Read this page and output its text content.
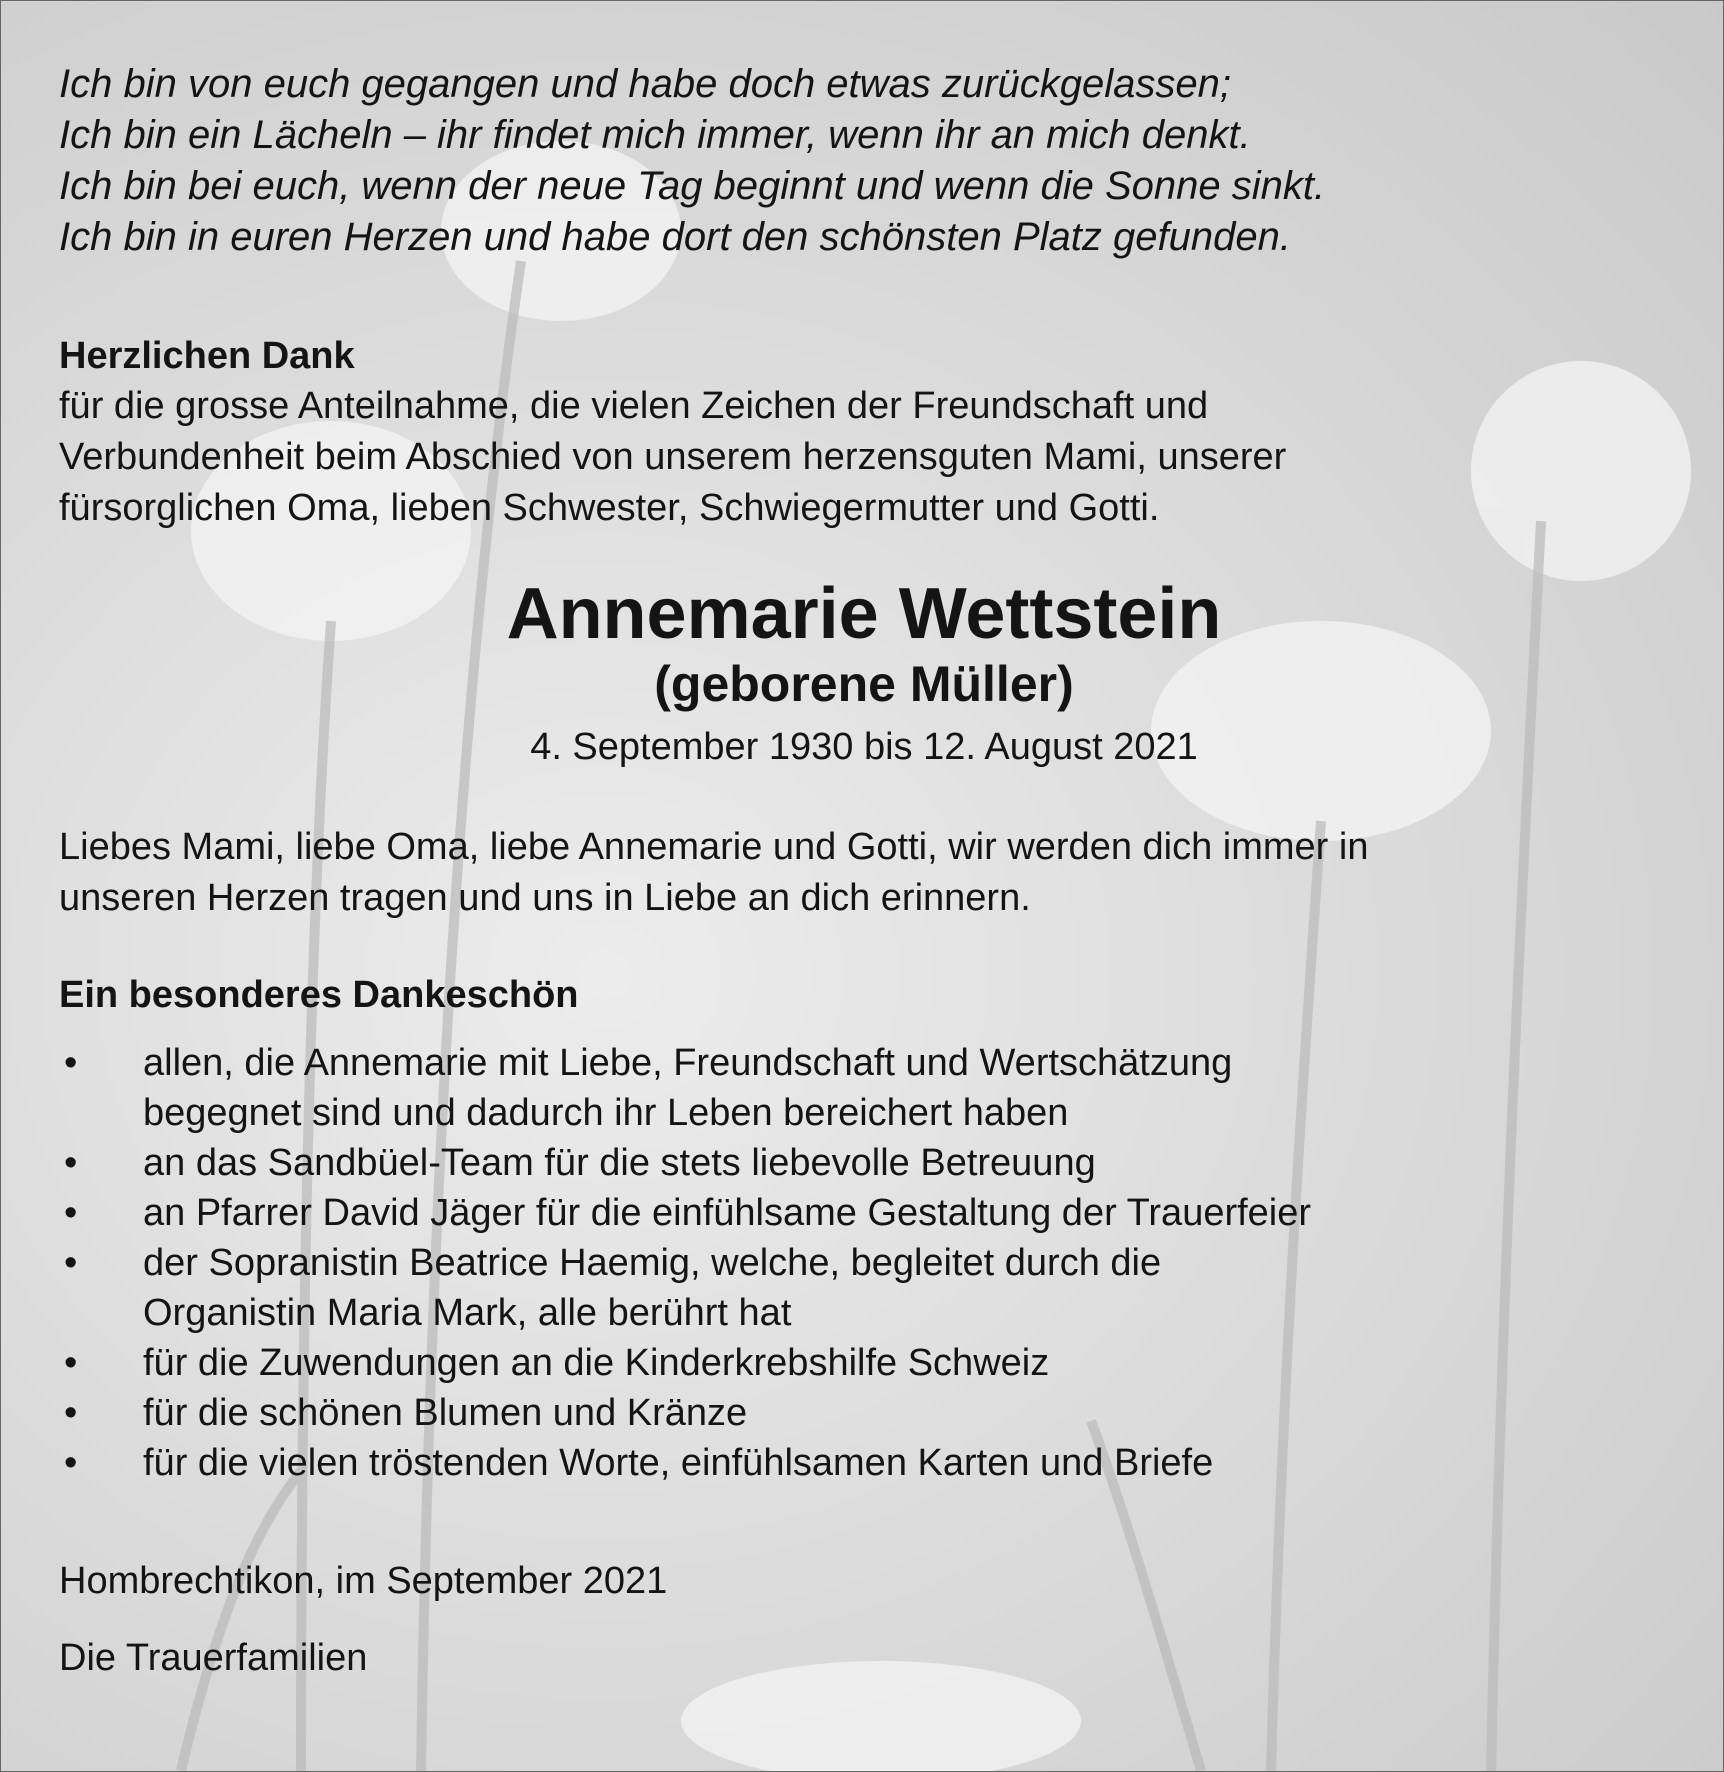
Ich bin von euch gegangen und habe doch etwas zurückgelassen;
Ich bin ein Lächeln – ihr findet mich immer, wenn ihr an mich denkt.
Ich bin bei euch, wenn der neue Tag beginnt und wenn die Sonne sinkt.
Ich bin in euren Herzen und habe dort den schönsten Platz gefunden.

Herzlichen Dank

für die grosse Anteilnahme, die vielen Zeichen der Freundschaft und
Verbundenheit beim Abschied von unserem herzensguten Mami, unserer
fürsorglichen Oma, lieben Schwester, Schwiegermutter und Gotti.

Annemarie Wettstein

(geborene Müller)

4. September 1930 bis 12. August 2021

Liebes Mami, liebe Oma, liebe Annemarie und Gotti, wir werden dich immer in
unseren Herzen tragen und uns in Liebe an dich erinnern.

Ein besonderes Dankeschön

• allen, die Annemarie mit Liebe, Freundschaft und Wertschätzung
begegnet sind und dadurch ihr Leben bereichert haben
• an das Sandbüel-Team für die stets liebevolle Betreuung
• an Pfarrer David Jäger für die einfühlsame Gestaltung der Trauerfeier
• der Sopranistin Beatrice Haemig, welche, begleitet durch die
Organistin Maria Mark, alle berührt hat
• für die Zuwendungen an die Kinderkrebshilfe Schweiz
• für die schönen Blumen und Kränze
• für die vielen tröstenden Worte, einfühlsamen Karten und Briefe

Hombrechtikon, im September 2021

Die Trauerfamilien
